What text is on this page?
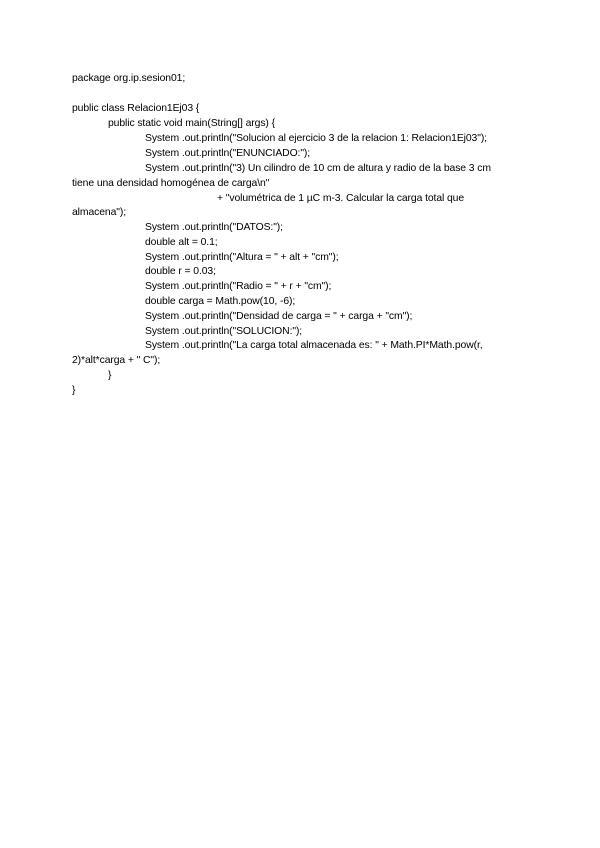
package org.ip.sesion01;
public class Relacion1Ej03 {
public static void main(String[] args) {
System .out.println("Solucion al ejercicio 3 de la relacion 1: Relacion1Ej03");
System .out.println("ENUNCIADO:");
System .out.println("3) Un cilindro de 10 cm de altura y radio de la base 3 cm
tiene una densidad homogénea de carga\n"
+ "volumétrica de 1 µC m-3. Calcular la carga total que
almacena");
System .out.println("DATOS:");
double alt = 0.1;
System .out.println("Altura = " + alt + "cm");
double r = 0.03;
System .out.println("Radio = " + r + "cm");
double carga = Math.pow(10, -6);
System .out.println("Densidad de carga = " + carga + "cm");
System .out.println("SOLUCION:");
System .out.println("La carga total almacenada es: " + Math.PI*Math.pow(r,
2)*alt*carga + " C");
}
}
